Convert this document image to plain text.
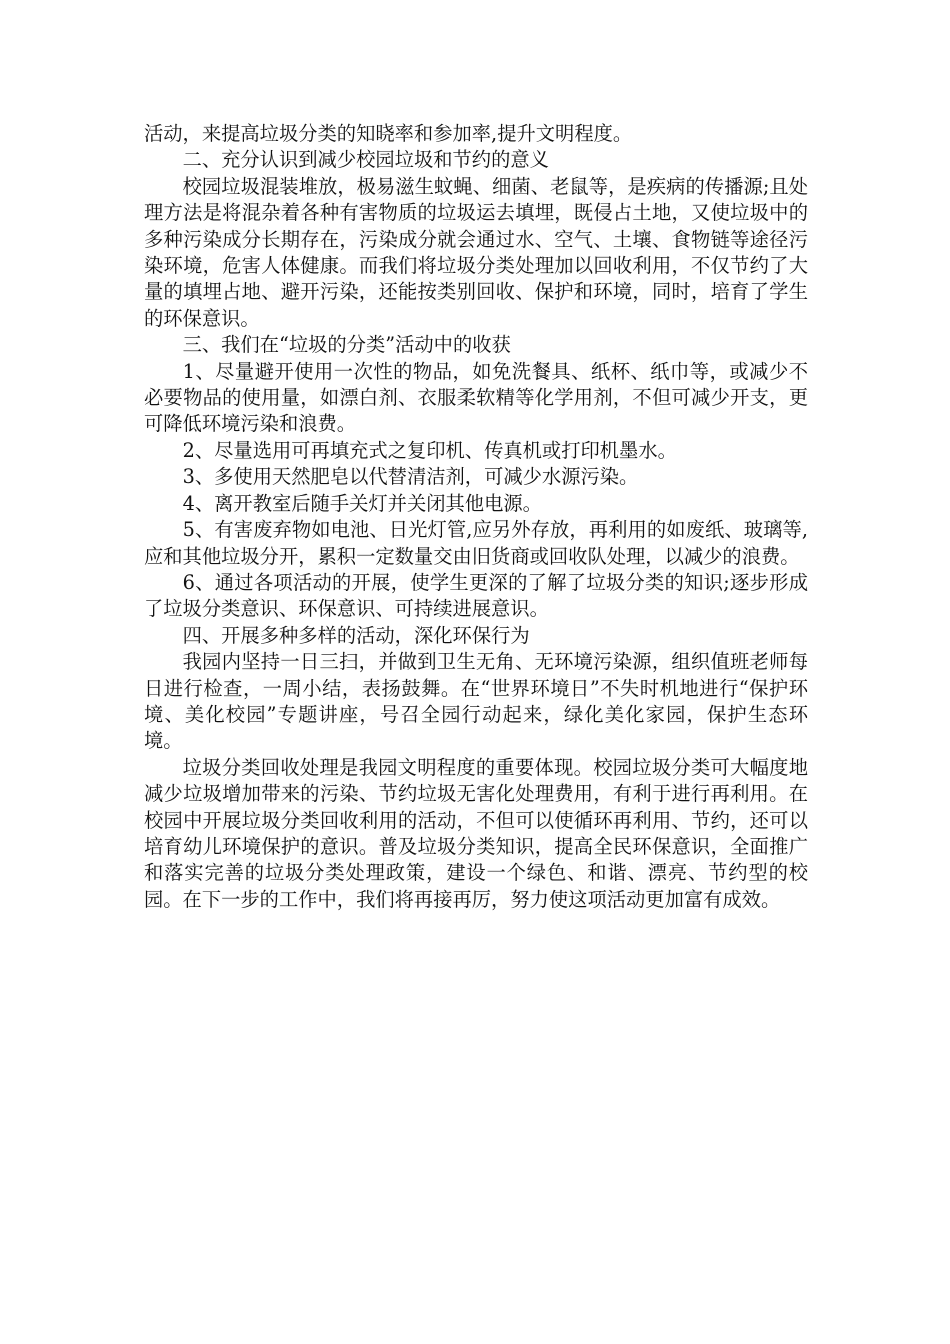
活动，来提高垃圾分类的知晓率和参加率,提升文明程度。

二、充分认识到减少校园垃圾和节约的意义

校园垃圾混装堆放，极易滋生蚊蝇、细菌、老鼠等，是疾病的传播源;且处理方法是将混杂着各种有害物质的垃圾运去填埋，既侵占土地，又使垃圾中的多种污染成分长期存在，污染成分就会通过水、空气、土壤、食物链等途径污染环境，危害人体健康。而我们将垃圾分类处理加以回收利用，不仅节约了大量的填埋占地、避开污染，还能按类别回收、保护和环境，同时，培育了学生的环保意识。

三、我们在“垃圾的分类”活动中的收获

1、尽量避开使用一次性的物品，如免洗餐具、纸杯、纸巾等，或减少不必要物品的使用量，如漂白剂、衣服柔软精等化学用剂，不但可减少开支，更可降低环境污染和浪费。

2、尽量选用可再填充式之复印机、传真机或打印机墨水。

3、多使用天然肥皂以代替清洁剂，可减少水源污染。

4、离开教室后随手关灯并关闭其他电源。

5、有害废弃物如电池、日光灯管,应另外存放，再利用的如废纸、玻璃等,应和其他垃圾分开，累积一定数量交由旧货商或回收队处理，以减少的浪费。

6、通过各项活动的开展，使学生更深的了解了垃圾分类的知识;逐步形成了垃圾分类意识、环保意识、可持续进展意识。

四、开展多种多样的活动，深化环保行为

我园内坚持一日三扫，并做到卫生无角、无环境污染源，组织值班老师每日进行检查，一周小结，表扬鼓舞。在“世界环境日”不失时机地进行“保护环境、美化校园”专题讲座，号召全园行动起来，绿化美化家园，保护生态环境。

垃圾分类回收处理是我园文明程度的重要体现。校园垃圾分类可大幅度地减少垃圾增加带来的污染、节约垃圾无害化处理费用，有利于进行再利用。在校园中开展垃圾分类回收利用的活动，不但可以使循环再利用、节约，还可以培育幼儿环境保护的意识。普及垃圾分类知识，提高全民环保意识，全面推广和落实完善的垃圾分类处理政策，建设一个绿色、和谐、漂亮、节约型的校园。在下一步的工作中，我们将再接再厉，努力使这项活动更加富有成效。
